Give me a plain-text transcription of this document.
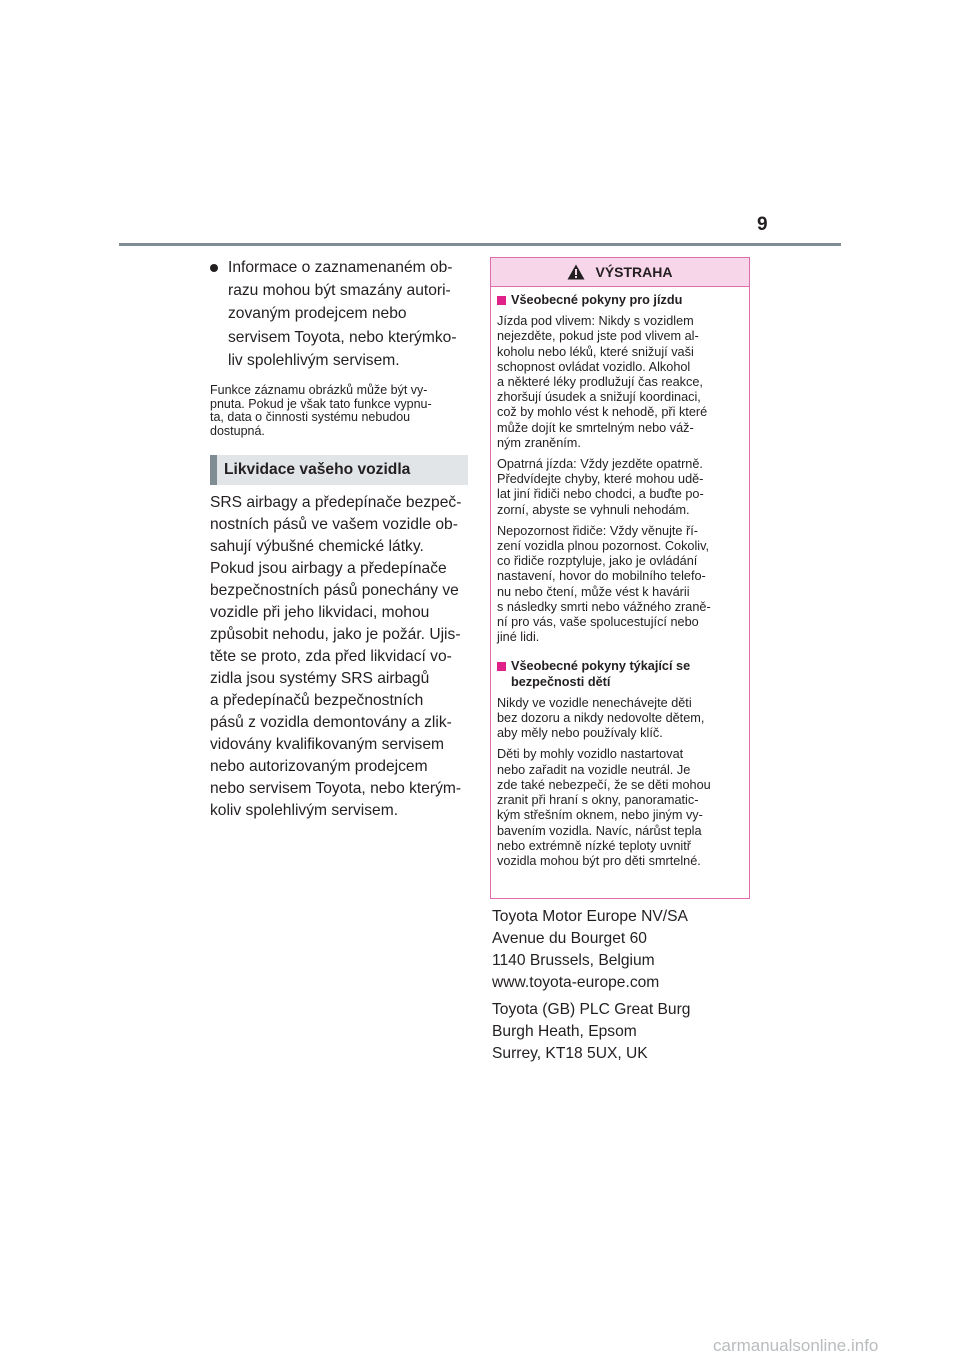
9
Informace o zaznamenaném ob-
razu mohou být smazány autori-
zovaným prodejcem nebo
servisem Toyota, nebo kterýmko-
liv spolehlivým servisem.
Funkce záznamu obrázků může být vy-
pnuta. Pokud je však tato funkce vypnu-
ta, data o činnosti systému nebudou
dostupná.
Likvidace vašeho vozidla
SRS airbagy a předepínače bezpeč-
nostních pásů ve vašem vozidle ob-
sahují výbušné chemické látky.
Pokud jsou airbagy a předepínače
bezpečnostních pásů ponechány ve
vozidle při jeho likvidaci, mohou
způsobit nehodu, jako je požár. Ujis-
těte se proto, zda před likvidací vo-
zidla jsou systémy SRS airbagů
a předepínačů bezpečnostních
pásů z vozidla demontovány a zlik-
vidovány kvalifikovaným servisem
nebo autorizovaným prodejcem
nebo servisem Toyota, nebo kterým-
koliv spolehlivým servisem.
VÝSTRAHA
Všeobecné pokyny pro jízdu
Jízda pod vlivem: Nikdy s vozidlem
nejezděte, pokud jste pod vlivem al-
koholu nebo léků, které snižují vaši
schopnost ovládat vozidlo. Alkohol
a některé léky prodlužují čas reakce,
zhoršují úsudek a snižují koordinaci,
což by mohlo vést k nehodě, při které
může dojít ke smrtelným nebo váž-
ným zraněním.
Opatrná jízda: Vždy jezděte opatrně.
Předvídejte chyby, které mohou udě-
lat jiní řidiči nebo chodci, a buďte po-
zorní, abyste se vyhnuli nehodám.
Nepozornost řidiče: Vždy věnujte ří-
zení vozidla plnou pozornost. Cokoliv,
co řidiče rozptyluje, jako je ovládání
nastavení, hovor do mobilního telefo-
nu nebo čtení, může vést k havárii
s následky smrti nebo vážného zraně-
ní pro vás, vaše spolucestující nebo
jiné lidi.
Všeobecné pokyny týkající se
bezpečnosti dětí
Nikdy ve vozidle nenechávejte děti
bez dozoru a nikdy nedovolte dětem,
aby měly nebo používaly klíč.
Děti by mohly vozidlo nastartovat
nebo zařadit na vozidle neutrál. Je
zde také nebezpečí, že se děti mohou
zranit při hraní s okny, panoramatic-
kým střešním oknem, nebo jiným vy-
bavením vozidla. Navíc, nárůst tepla
nebo extrémně nízké teploty uvnitř
vozidla mohou být pro děti smrtelné.
Toyota Motor Europe NV/SA
Avenue du Bourget 60
1140 Brussels, Belgium
www.toyota-europe.com
Toyota (GB) PLC Great Burg
Burgh Heath, Epsom
Surrey, KT18 5UX, UK
carmanualsonline.info
